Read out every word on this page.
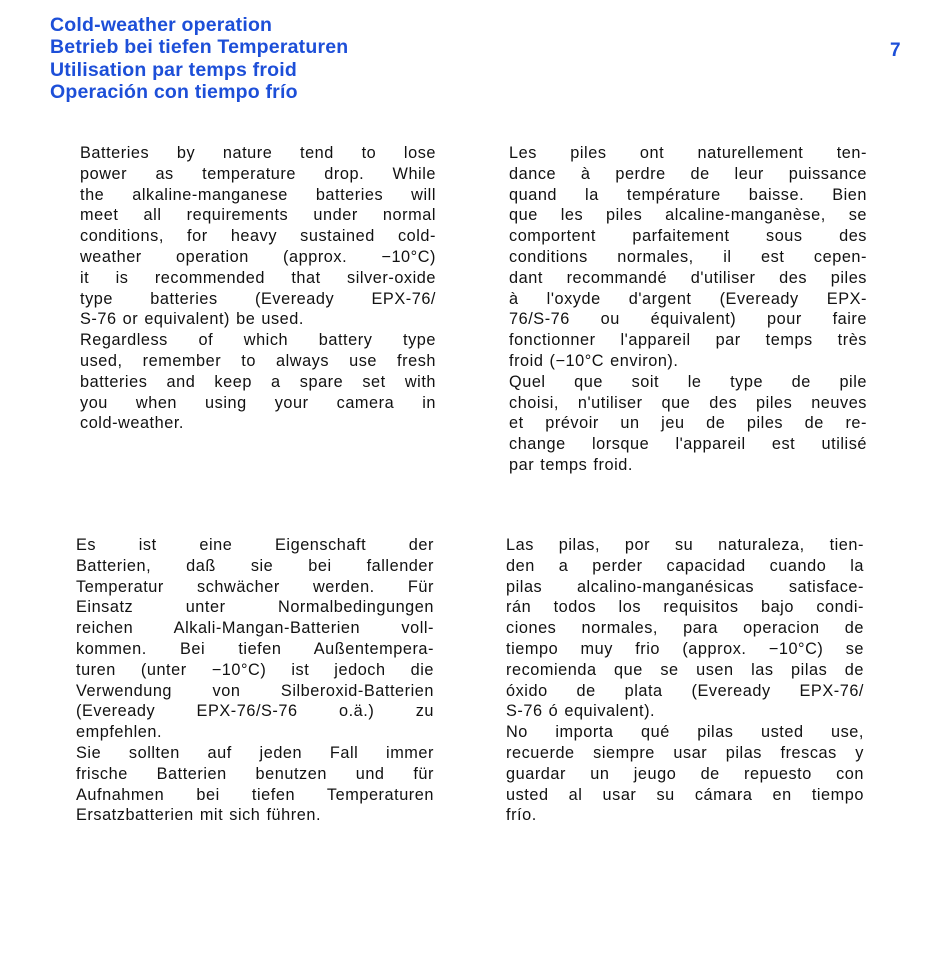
Cold-weather operation
Betrieb bei tiefen Temperaturen
Utilisation par temps froid
Operación con tiempo frío
7

Batteries by nature tend to lose
power as temperature drop. While
the alkaline-manganese batteries will
meet all requirements under normal
conditions, for heavy sustained cold-
weather operation (approx. −10°C)
it is recommended that silver-oxide
type batteries (Eveready EPX-76/
S-76 or equivalent) be used.

Regardless of which battery type
used, remember to always use fresh
batteries and keep a spare set with
you when using your camera in
cold-weather.

Les piles ont naturellement ten-
dance à perdre de leur puissance
quand la température baisse. Bien
que les piles alcaline-manganèse, se
comportent parfaitement sous des
conditions normales, il est cepen-
dant recommandé d'utiliser des piles
à l'oxyde d'argent (Eveready EPX-
76/S-76 ou équivalent) pour faire
fonctionner l'appareil par temps très
froid (−10°C environ).

Quel que soit le type de pile
choisi, n'utiliser que des piles neuves
et prévoir un jeu de piles de re-
change lorsque l'appareil est utilisé
par temps froid.

Es ist eine Eigenschaft der
Batterien, daß sie bei fallender
Temperatur schwächer werden. Für
Einsatz unter Normalbedingungen
reichen Alkali-Mangan-Batterien voll-
kommen. Bei tiefen Außentempera-
turen (unter −10°C) ist jedoch die
Verwendung von Silberoxid-Batterien
(Eveready EPX-76/S-76 o.ä.) zu
empfehlen.

Sie sollten auf jeden Fall immer
frische Batterien benutzen und für
Aufnahmen bei tiefen Temperaturen
Ersatzbatterien mit sich führen.

Las pilas, por su naturaleza, tien-
den a perder capacidad cuando la
pilas alcalino-manganésicas satisface-
rán todos los requisitos bajo condi-
ciones normales, para operacion de
tiempo muy frio (approx. −10°C) se
recomienda que se usen las pilas de
óxido de plata (Eveready EPX-76/
S-76 ó equivalent).

No importa qué pilas usted use,
recuerde siempre usar pilas frescas y
guardar un jeugo de repuesto con
usted al usar su cámara en tiempo
frío.
